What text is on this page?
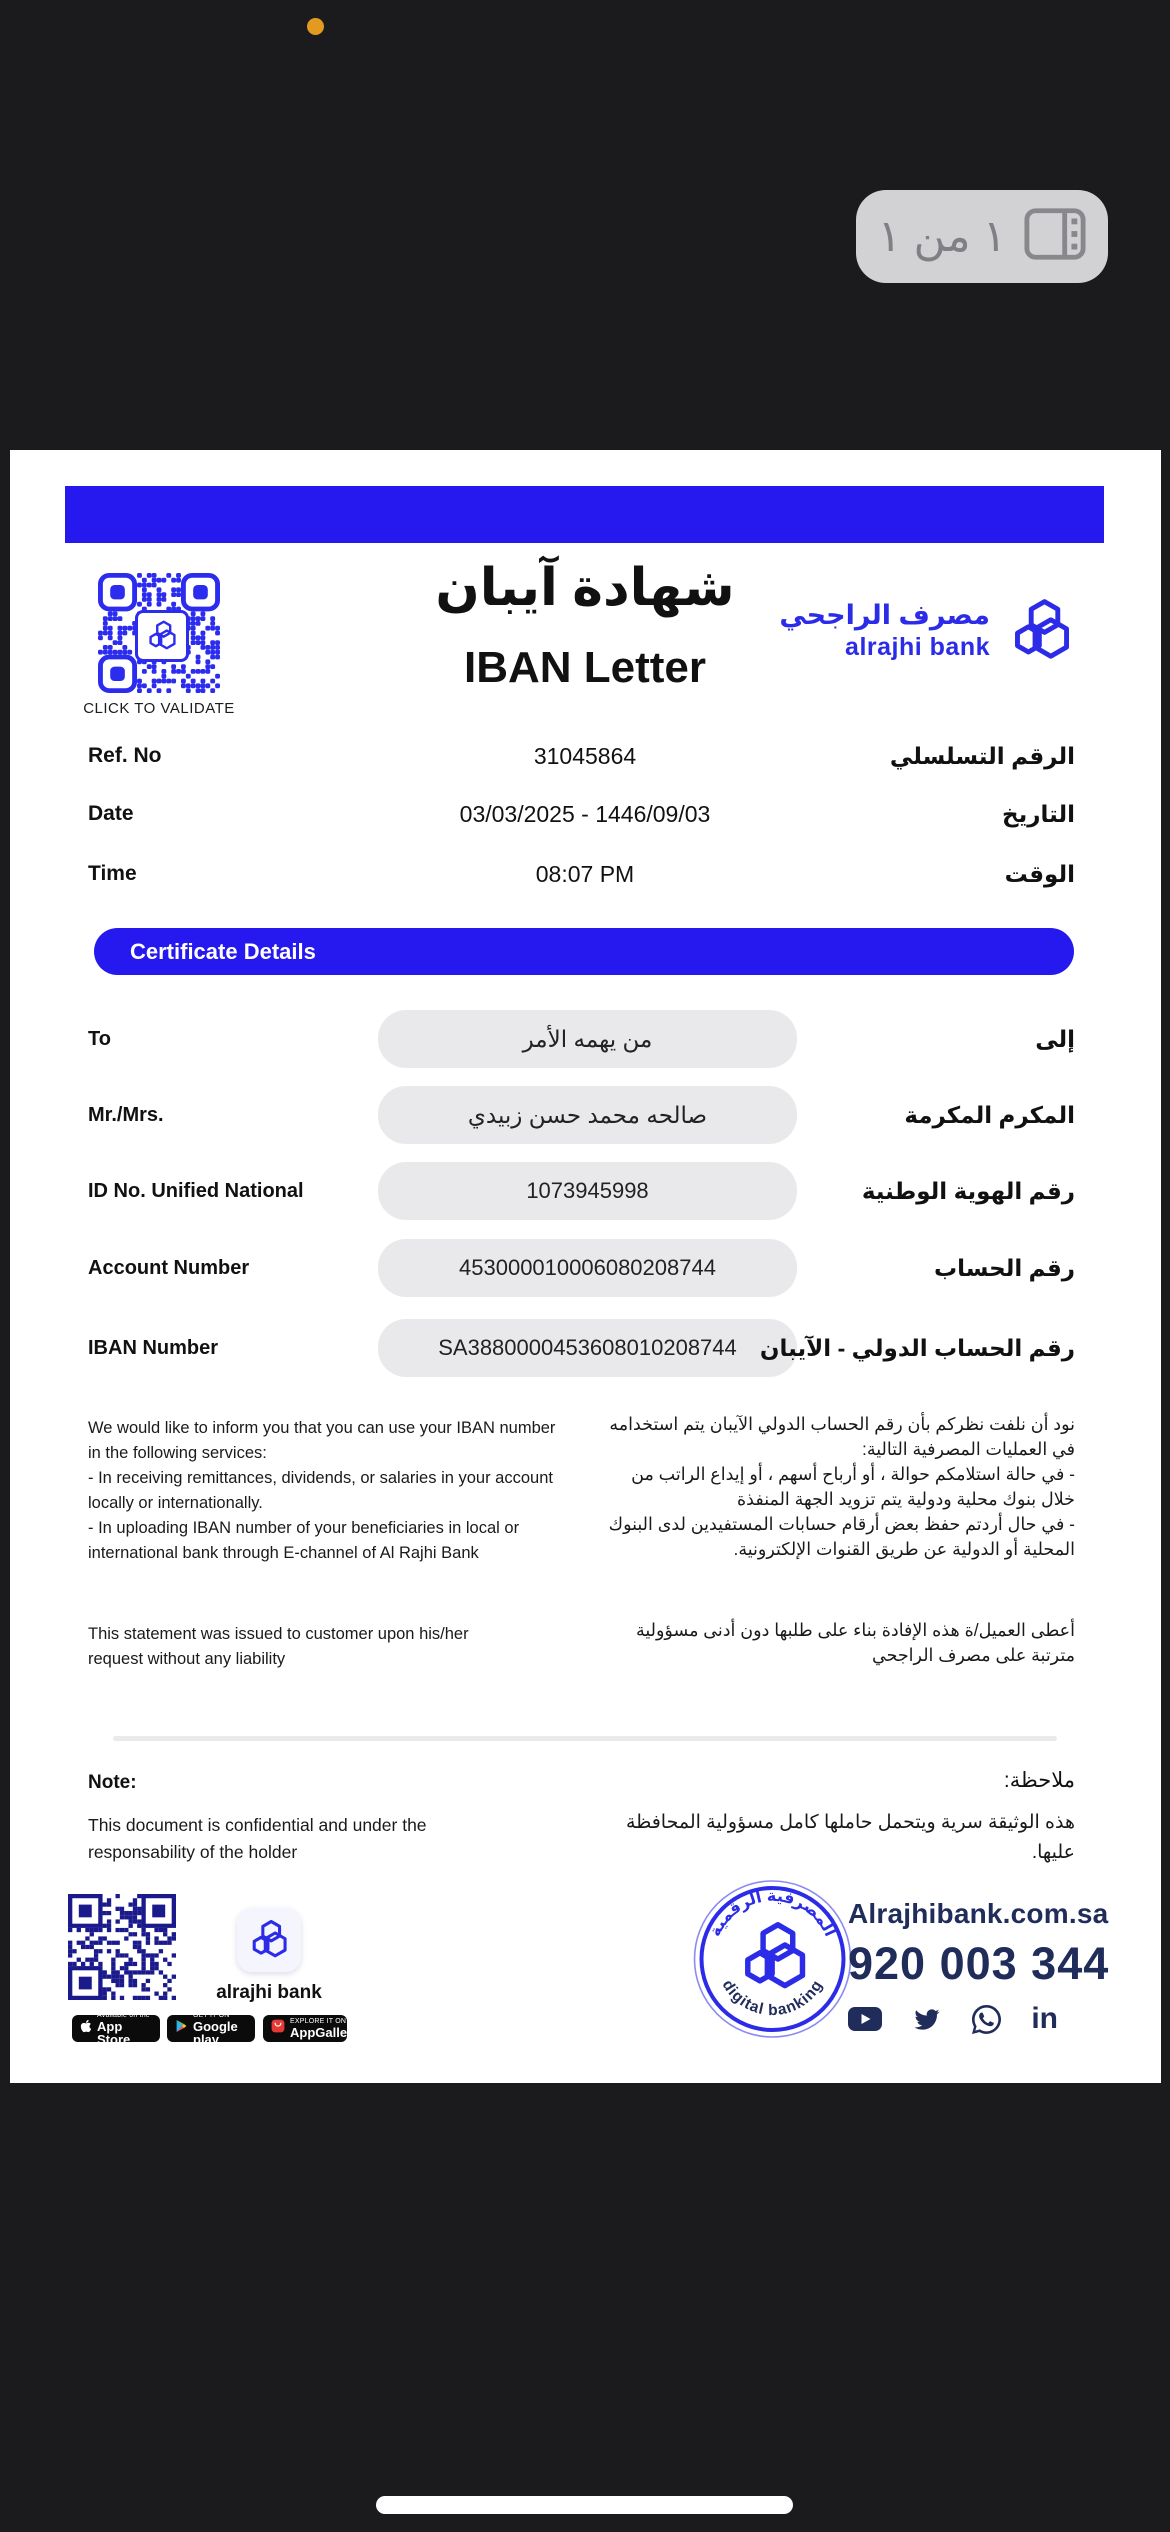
١ من ١
CLICK TO VALIDATE
شهادة آيبان
IBAN Letter
مصرف الراجحي
alrajhi bank
Ref. No	31045864	الرقم التسلسلي
Date	03/03/2025 - 1446/09/03	التاريخ
Time	08:07 PM	الوقت
Certificate Details
To	من يهمه الأمر	إلى
Mr./Mrs.	صالحه محمد حسن زبيدي	المكرم المكرمة
ID No. Unified National	1073945998	رقم الهوية الوطنية
Account Number	453000010006080208744	رقم الحساب
IBAN Number	SA3880000453608010208744	رقم الحساب الدولي - الآيبان
We would like to inform you that you can use your IBAN number in the following services:
- In receiving remittances, dividends, or salaries in your account locally or internationally.
- In uploading IBAN number of your beneficiaries in local or international bank through E-channel of Al Rajhi Bank
This statement was issued to customer upon his/her request without any liability
نود أن نلفت نظركم بأن رقم الحساب الدولي الآيبان يتم استخدامه في العمليات المصرفية التالية:
- في حالة استلامكم حوالة ، أو أرباح أسهم ، أو إيداع الراتب من خلال بنوك محلية ودولية يتم تزويد الجهة المنفذة
- في حال أردتم حفظ بعض أرقام حسابات المستفيدين لدى البنوك المحلية أو الدولية عن طريق القنوات الإلكترونية.
أعطى العميل/ة هذه الإفادة بناء على طلبها دون أدنى مسؤولية مترتبة على مصرف الراجحي
Note:	ملاحظة:
This document is confidential and under the responsability of the holder
هذه الوثيقة سرية ويتحمل حاملها كامل مسؤولية المحافظة عليها.
alrajhi bank
Available on the
App Store
GET IT ON
Google play
EXPLORE IT ON
AppGallery
المصرفية الرقمية
digital banking
Alrajhibank.com.sa
920 003 344
in
